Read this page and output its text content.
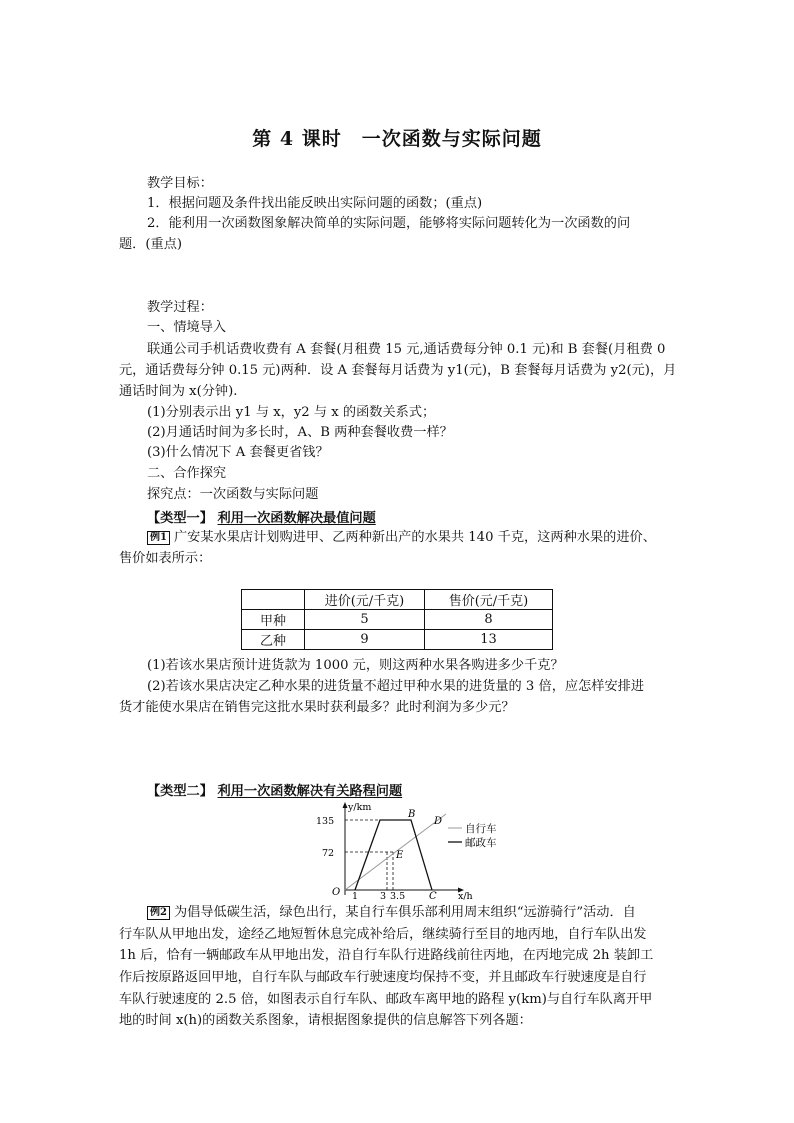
第 4 课时　一次函数与实际问题
教学目标：
1．根据问题及条件找出能反映出实际问题的函数；(重点)
2．能利用一次函数图象解决简单的实际问题，能够将实际问题转化为一次函数的问
题．(重点)
教学过程：
一、情境导入
联通公司手机话费收费有 A 套餐(月租费 15 元,通话费每分钟 0.1 元)和 B 套餐(月租费 0
元，通话费每分钟 0.15 元)两种．设 A 套餐每月话费为 y1(元)，B 套餐每月话费为 y2(元)，月
通话时间为 x(分钟).
(1)分别表示出 y1 与 x，y2 与 x 的函数关系式；
(2)月通话时间为多长时，A、B 两种套餐收费一样？
(3)什么情况下 A 套餐更省钱？
二、合作探究
探究点：一次函数与实际问题
【类型一】 利用一次函数解决最值问题
例1 广安某水果店计划购进甲、乙两种新出产的水果共 140 千克，这两种水果的进价、
售价如表所示：
	进价(元/千克)	售价(元/千克)
甲种	5	8
乙种	9	13
(1)若该水果店预计进货款为 1000 元，则这两种水果各购进多少千克？
(2)若该水果店决定乙种水果的进货量不超过甲种水果的进货量的 3 倍，应怎样安排进
货才能使水果店在销售完这批水果时获利最多？此时利润为多少元？
【类型二】 利用一次函数解决有关路程问题
y/km
x/h
O
135
72
1 3 3.5
B
D
E
C
自行车
邮政车
例2 为倡导低碳生活，绿色出行，某自行车俱乐部利用周末组织“远游骑行”活动．自
行车队从甲地出发，途经乙地短暂休息完成补给后，继续骑行至目的地丙地，自行车队出发
1h 后，恰有一辆邮政车从甲地出发，沿自行车队行进路线前往丙地，在丙地完成 2h 装卸工
作后按原路返回甲地，自行车队与邮政车行驶速度均保持不变，并且邮政车行驶速度是自行
车队行驶速度的 2.5 倍，如图表示自行车队、邮政车离甲地的路程 y(km)与自行车队离开甲
地的时间 x(h)的函数关系图象，请根据图象提供的信息解答下列各题：
